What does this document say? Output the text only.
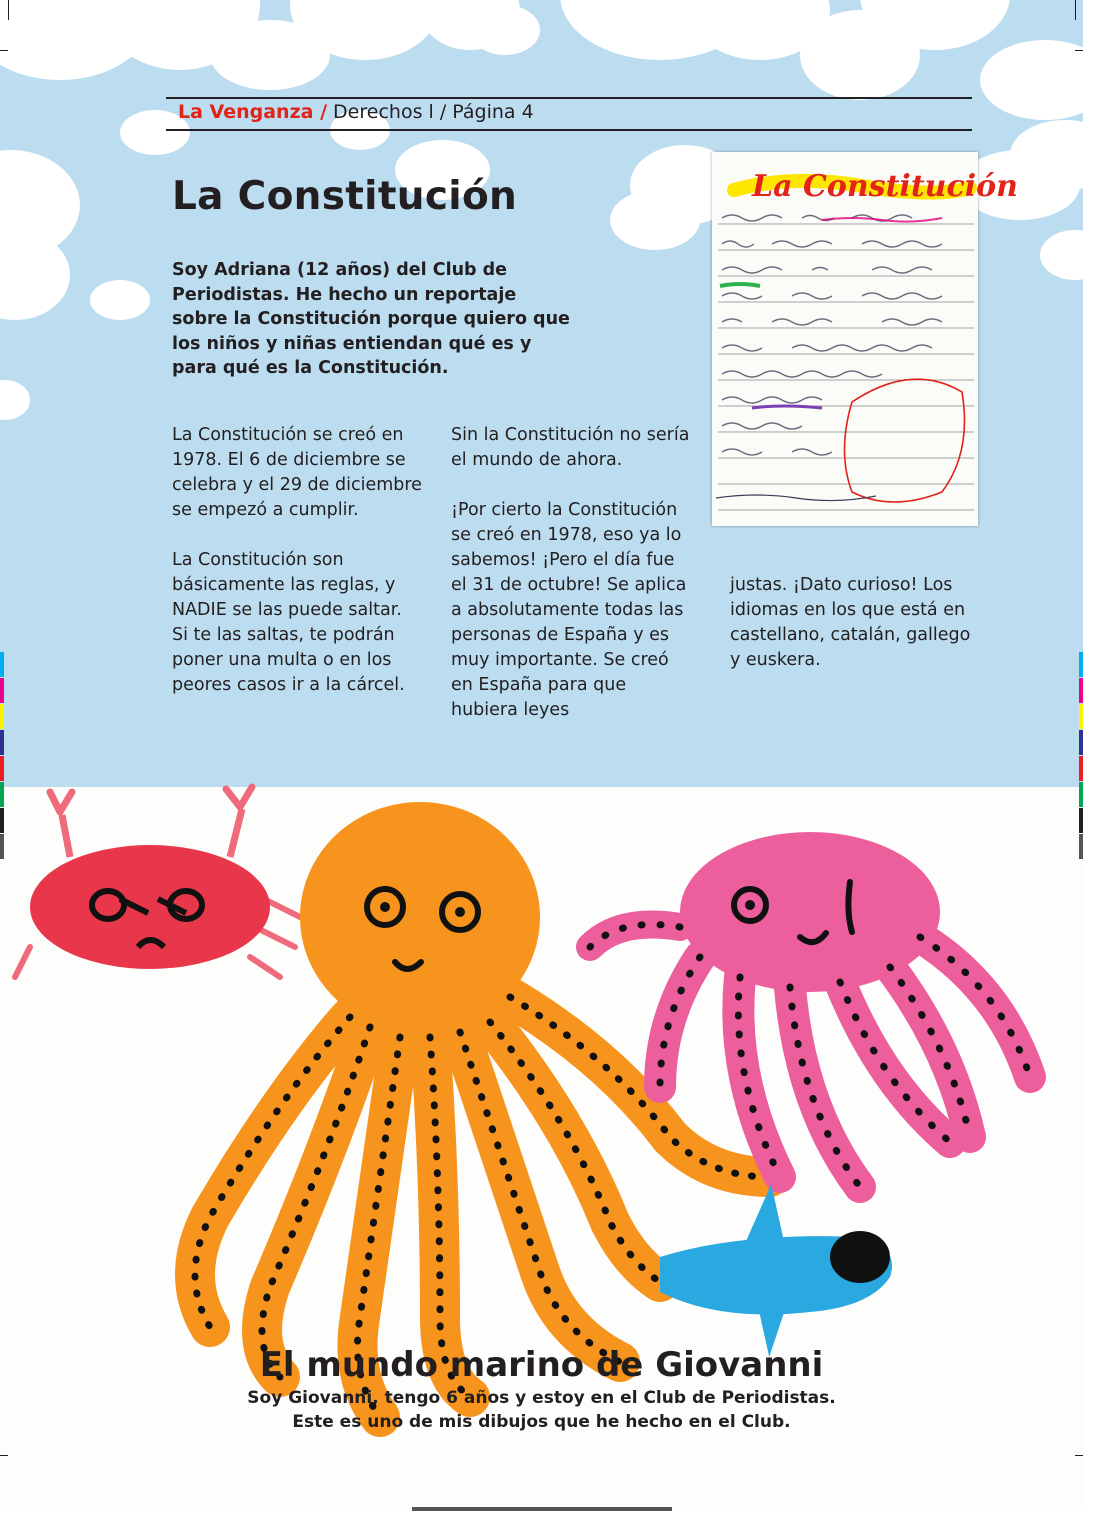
La Venganza / Derechos l / Página 4
La Constitución
Soy Adriana (12 años) del Club de Periodistas. He hecho un reportaje sobre la Constitución porque quiero que los niños y niñas entiendan qué es y para qué es la Constitución.

La Constitución se creó en 1978. El 6 de diciembre se celebra y el 29 de diciembre se empezó a cumplir.

La Constitución son básicamente las reglas, y NADIE se las puede saltar. Si te las saltas, te podrán poner una multa o en los peores casos ir a la cárcel.

Sin la Constitución no sería el mundo de ahora.

¡Por cierto la Constitución se creó en 1978, eso ya lo sabemos! ¡Pero el día fue el 31 de octubre! Se aplica a absolutamente todas las personas de España y es muy importante. Se creó en España para que hubiera leyes

justas. ¡Dato curioso! Los idiomas en los que está en castellano, catalán, gallego y euskera.

La Constitución
El mundo marino de Giovanni
Soy Giovanni, tengo 6 años y estoy en el Club de Periodistas.
Este es uno de mis dibujos que he hecho en el Club.
